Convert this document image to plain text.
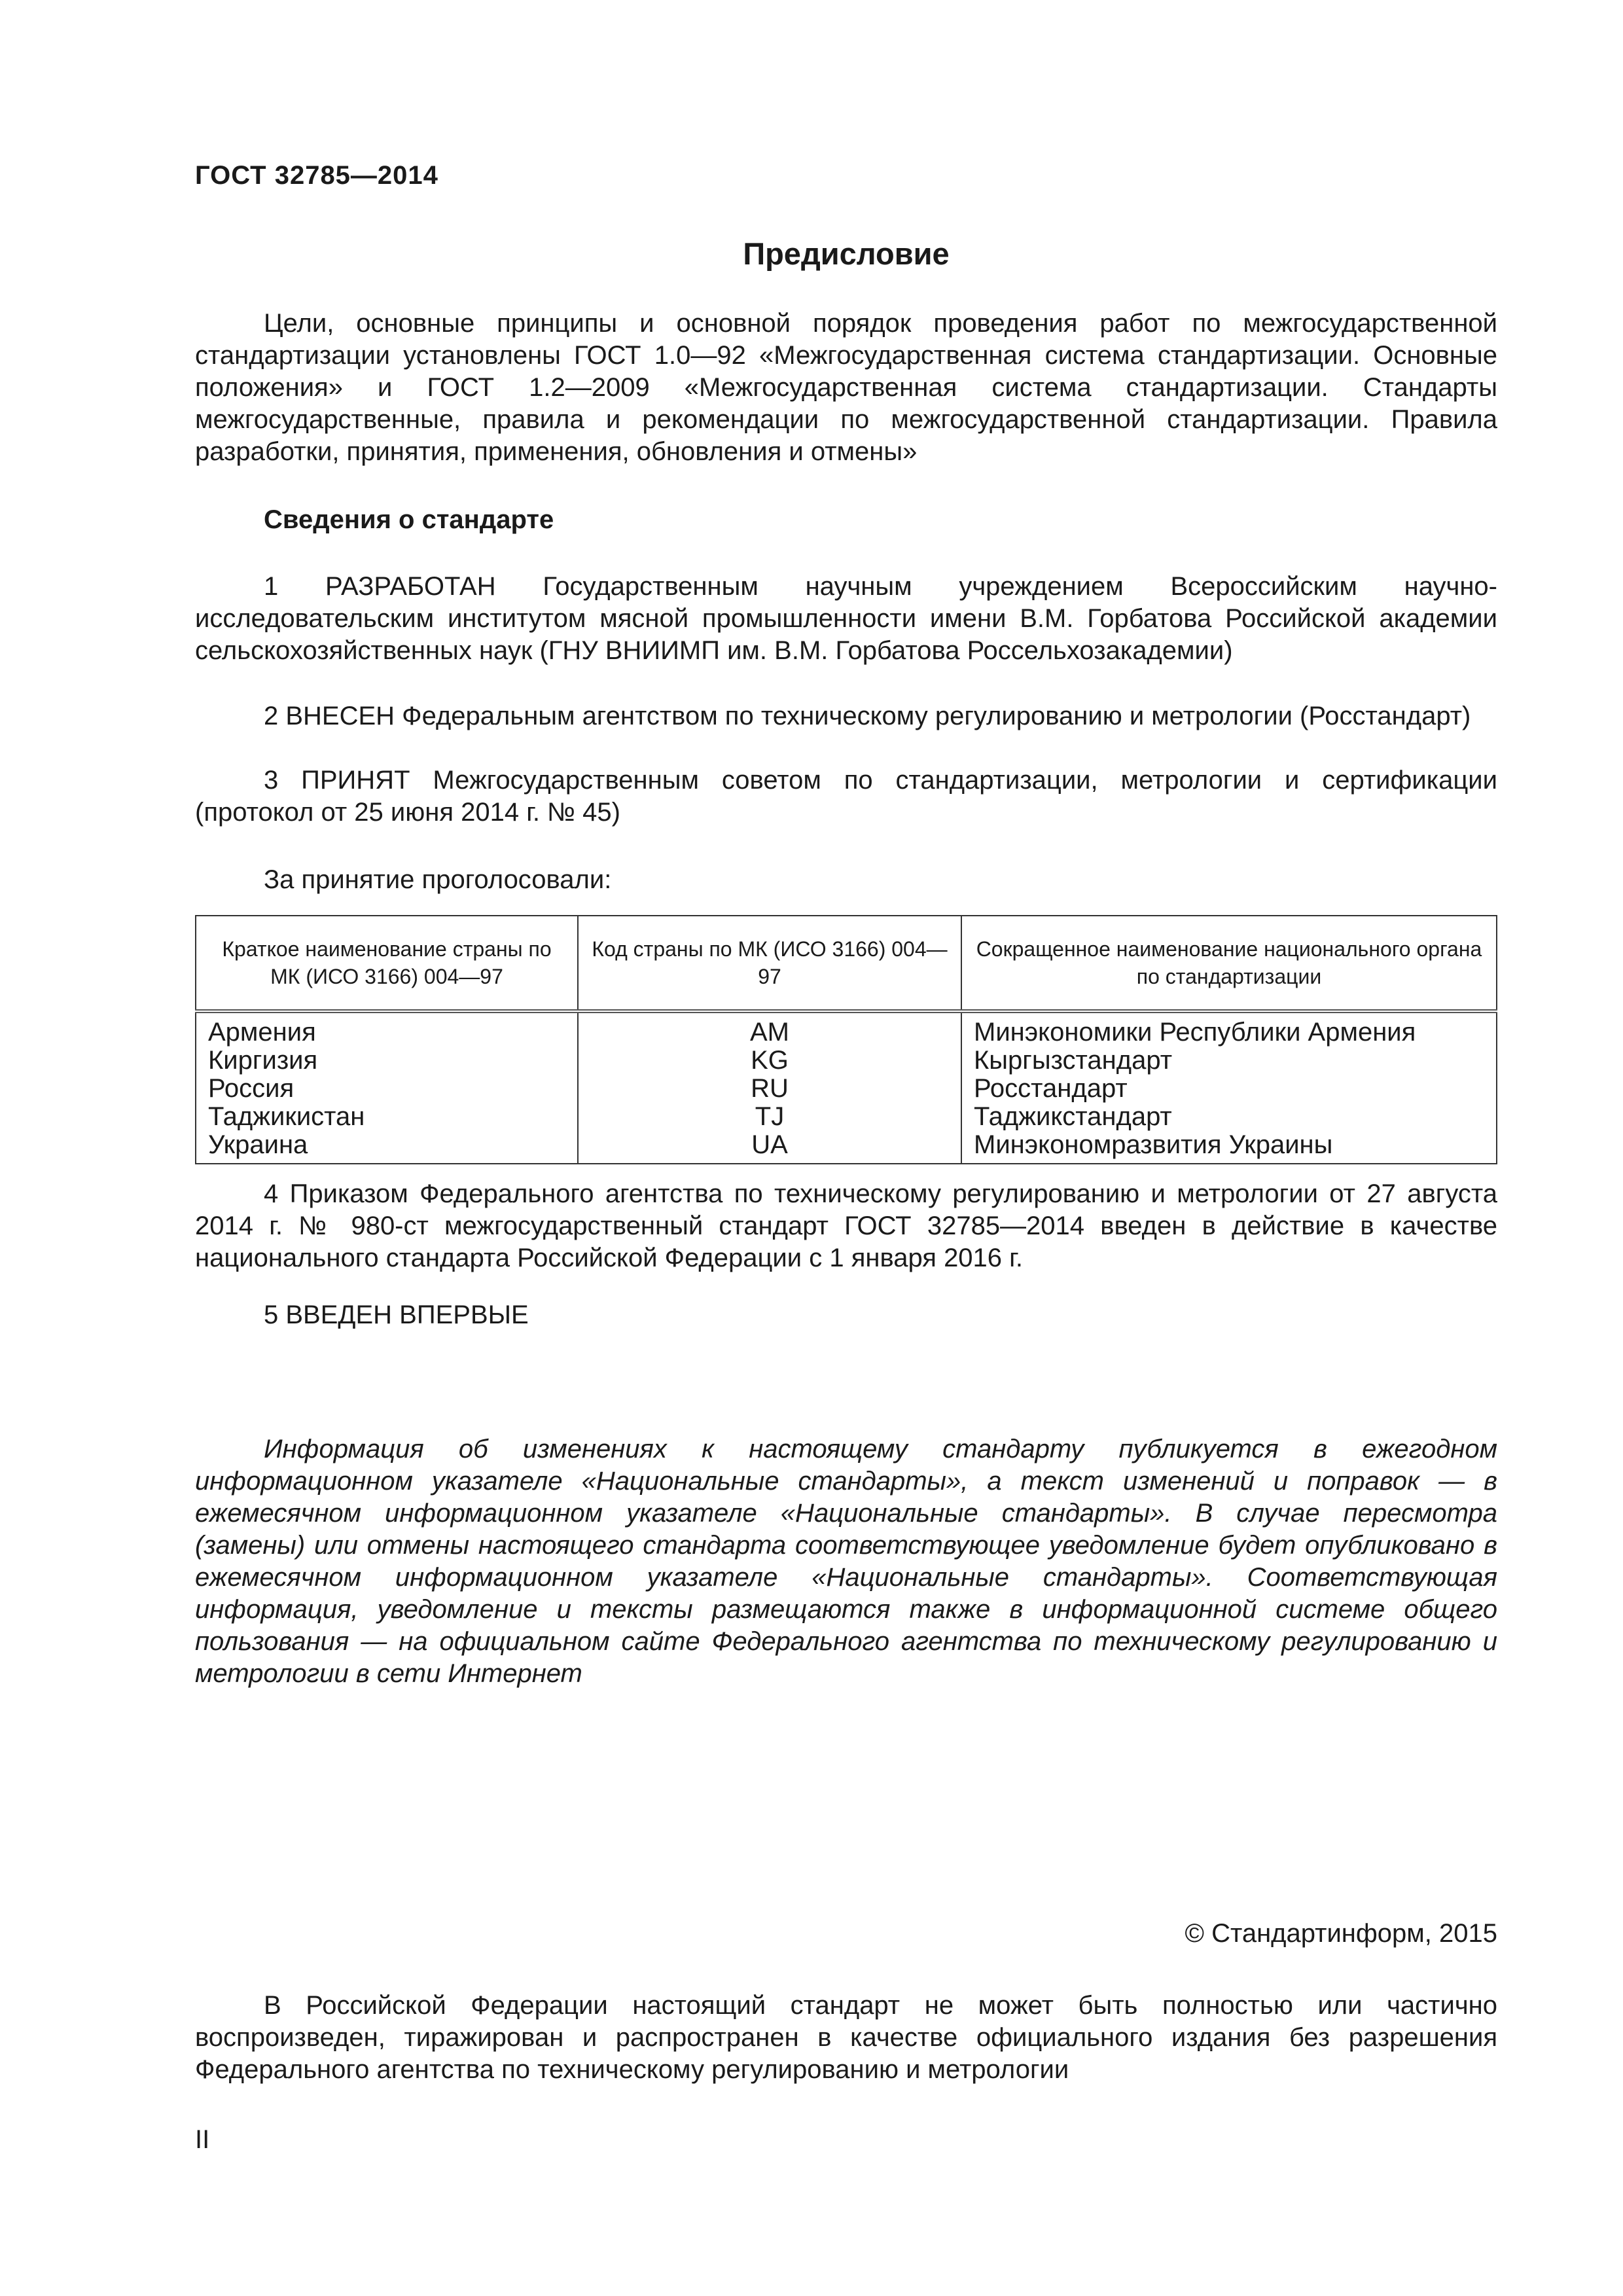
ГОСТ 32785—2014
Предисловие
Цели, основные принципы и основной порядок проведения работ по межгосударственной стандартизации установлены ГОСТ 1.0—92 «Межгосударственная система стандартизации. Основные положения» и ГОСТ 1.2—2009 «Межгосударственная система стандартизации. Стандарты межгосударственные, правила и рекомендации по межгосударственной стандартизации. Правила разработки, принятия, применения, обновления и отмены»
Сведения о стандарте
1 РАЗРАБОТАН Государственным научным учреждением Всероссийским научно-исследовательским институтом мясной промышленности имени В.М. Горбатова Российской академии сельскохозяйственных наук (ГНУ ВНИИМП им. В.М. Горбатова Россельхозакадемии)
2 ВНЕСЕН Федеральным агентством по техническому регулированию и метрологии (Росстандарт)
3 ПРИНЯТ Межгосударственным советом по стандартизации, метрологии и сертификации (протокол от 25 июня 2014 г. № 45)
За принятие проголосовали:
Краткое наименование страны по МК (ИСО 3166) 004—97	Код страны по МК (ИСО 3166) 004—97	Сокращенное наименование национального органа по стандартизации
Армения	AM	Минэкономики Республики Армения
Киргизия	KG	Кыргызстандарт
Россия	RU	Росстандарт
Таджикистан	TJ	Таджикстандарт
Украина	UA	Минэкономразвития Украины
4 Приказом Федерального агентства по техническому регулированию и метрологии от 27 августа 2014 г. № 980-ст межгосударственный стандарт ГОСТ 32785—2014 введен в действие в качестве национального стандарта Российской Федерации с 1 января 2016 г.
5 ВВЕДЕН ВПЕРВЫЕ
Информация об изменениях к настоящему стандарту публикуется в ежегодном информационном указателе «Национальные стандарты», а текст изменений и поправок — в ежемесячном информационном указателе «Национальные стандарты». В случае пересмотра (замены) или отмены настоящего стандарта соответствующее уведомление будет опубликовано в ежемесячном информационном указателе «Национальные стандарты». Соответствующая информация, уведомление и тексты размещаются также в информационной системе общего пользования — на официальном сайте Федерального агентства по техническому регулированию и метрологии в сети Интернет
© Стандартинформ, 2015
В Российской Федерации настоящий стандарт не может быть полностью или частично воспроизведен, тиражирован и распространен в качестве официального издания без разрешения Федерального агентства по техническому регулированию и метрологии
II
